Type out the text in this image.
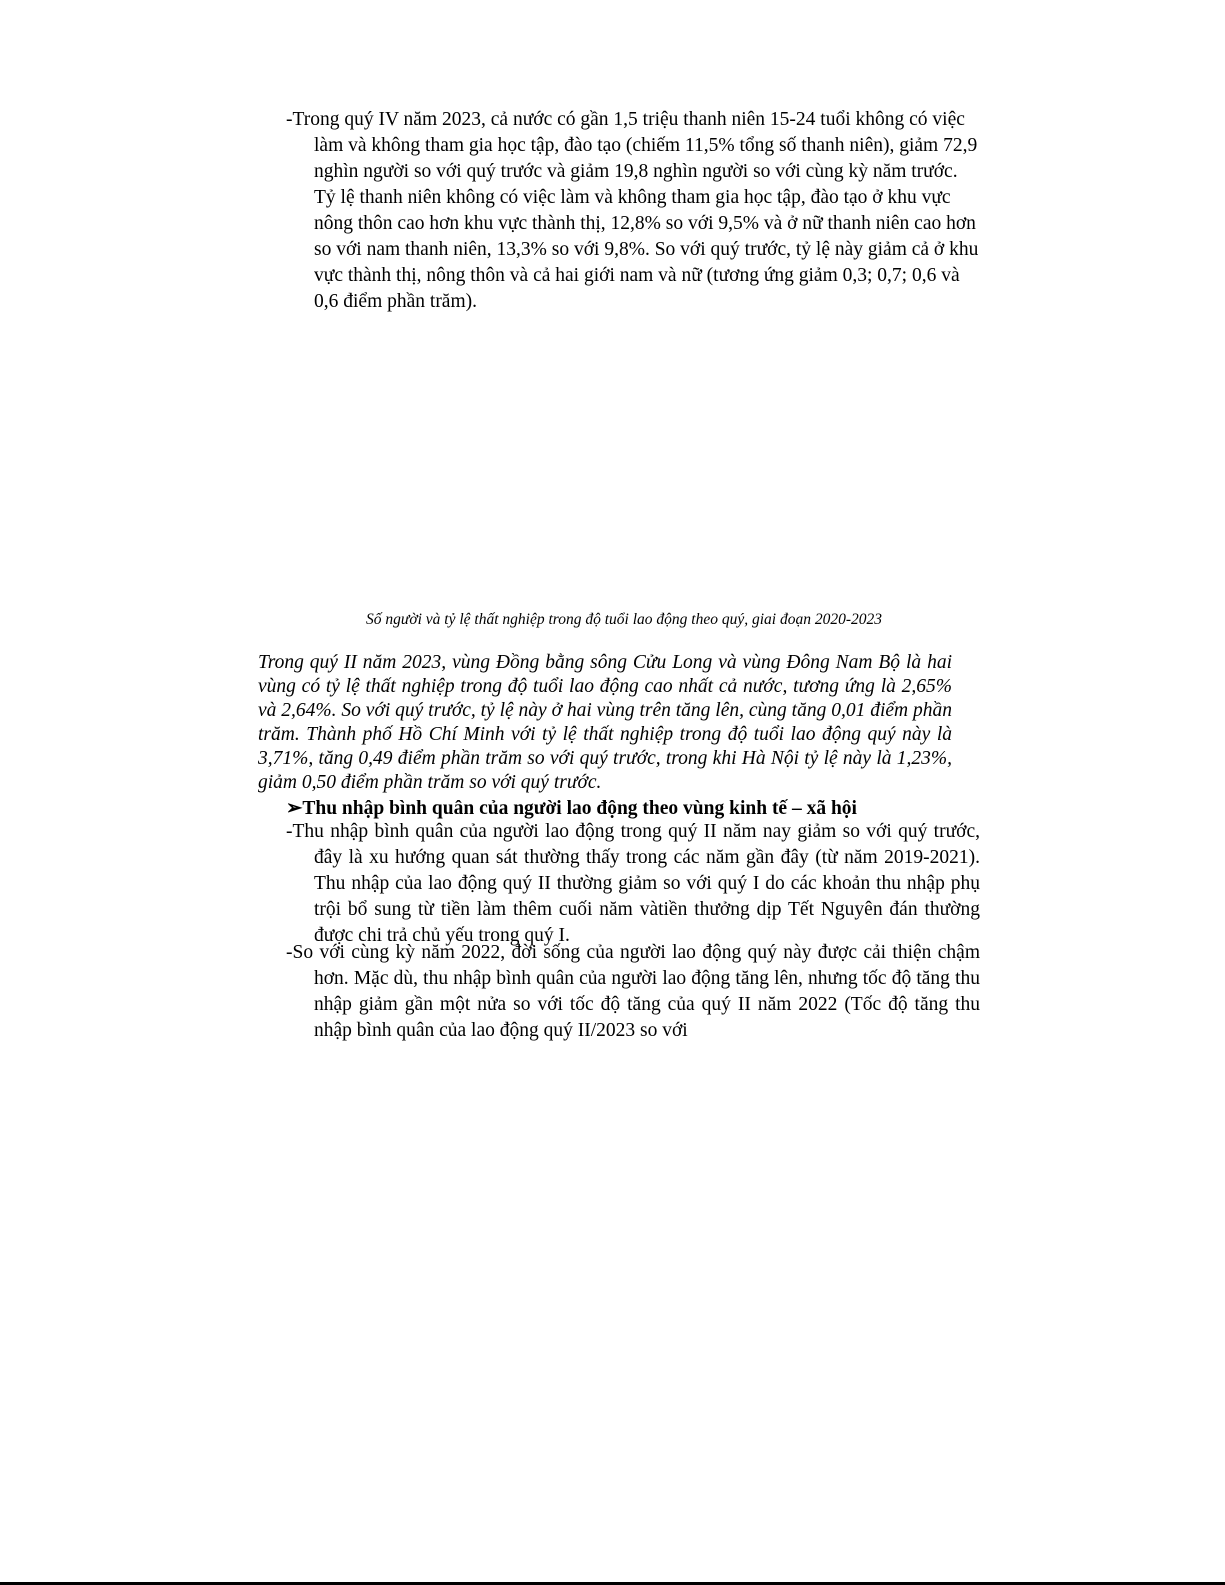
-Trong quý IV năm 2023, cả nước có gần 1,5 triệu thanh niên 15-24 tuổi không có việc làm và không tham gia học tập, đào tạo (chiếm 11,5% tổng số thanh niên), giảm 72,9 nghìn người so với quý trước và giảm 19,8 nghìn người so với cùng kỳ năm trước. Tỷ lệ thanh niên không có việc làm và không tham gia học tập, đào tạo ở khu vực nông thôn cao hơn khu vực thành thị, 12,8% so với 9,5% và ở nữ thanh niên cao hơn so với nam thanh niên, 13,3% so với 9,8%. So với quý trước, tỷ lệ này giảm cả ở khu vực thành thị, nông thôn và cả hai giới nam và nữ (tương ứng giảm 0,3; 0,7; 0,6 và 0,6 điểm phần trăm).

Số người và tỷ lệ thất nghiệp trong độ tuổi lao động theo quý, giai đoạn 2020-2023

Trong quý II năm 2023, vùng Đồng bằng sông Cửu Long và vùng Đông Nam Bộ là hai vùng có tỷ lệ thất nghiệp trong độ tuổi lao động cao nhất cả nước, tương ứng là 2,65% và 2,64%. So với quý trước, tỷ lệ này ở hai vùng trên tăng lên, cùng tăng 0,01 điểm phần trăm. Thành phố Hồ Chí Minh với tỷ lệ thất nghiệp trong độ tuổi lao động quý này là 3,71%, tăng 0,49 điểm phần trăm so với quý trước, trong khi Hà Nội tỷ lệ này là 1,23%, giảm 0,50 điểm phần trăm so với quý trước.

➢Thu nhập bình quân của người lao động theo vùng kinh tế – xã hội

-Thu nhập bình quân của người lao động trong quý II năm nay giảm so với quý trước, đây là xu hướng quan sát thường thấy trong các năm gần đây (từ năm 2019-2021). Thu nhập của lao động quý II thường giảm so với quý I do các khoản thu nhập phụ trội bổ sung từ tiền làm thêm cuối năm vàtiền thưởng dịp Tết Nguyên đán thường được chi trả chủ yếu trong quý I.

-So với cùng kỳ năm 2022, đời sống của người lao động quý này được cải thiện chậm hơn. Mặc dù, thu nhập bình quân của người lao động tăng lên, nhưng tốc độ tăng thu nhập giảm gần một nửa so với tốc độ tăng của quý II năm 2022 (Tốc độ tăng thu nhập bình quân của lao động quý II/2023 so với
